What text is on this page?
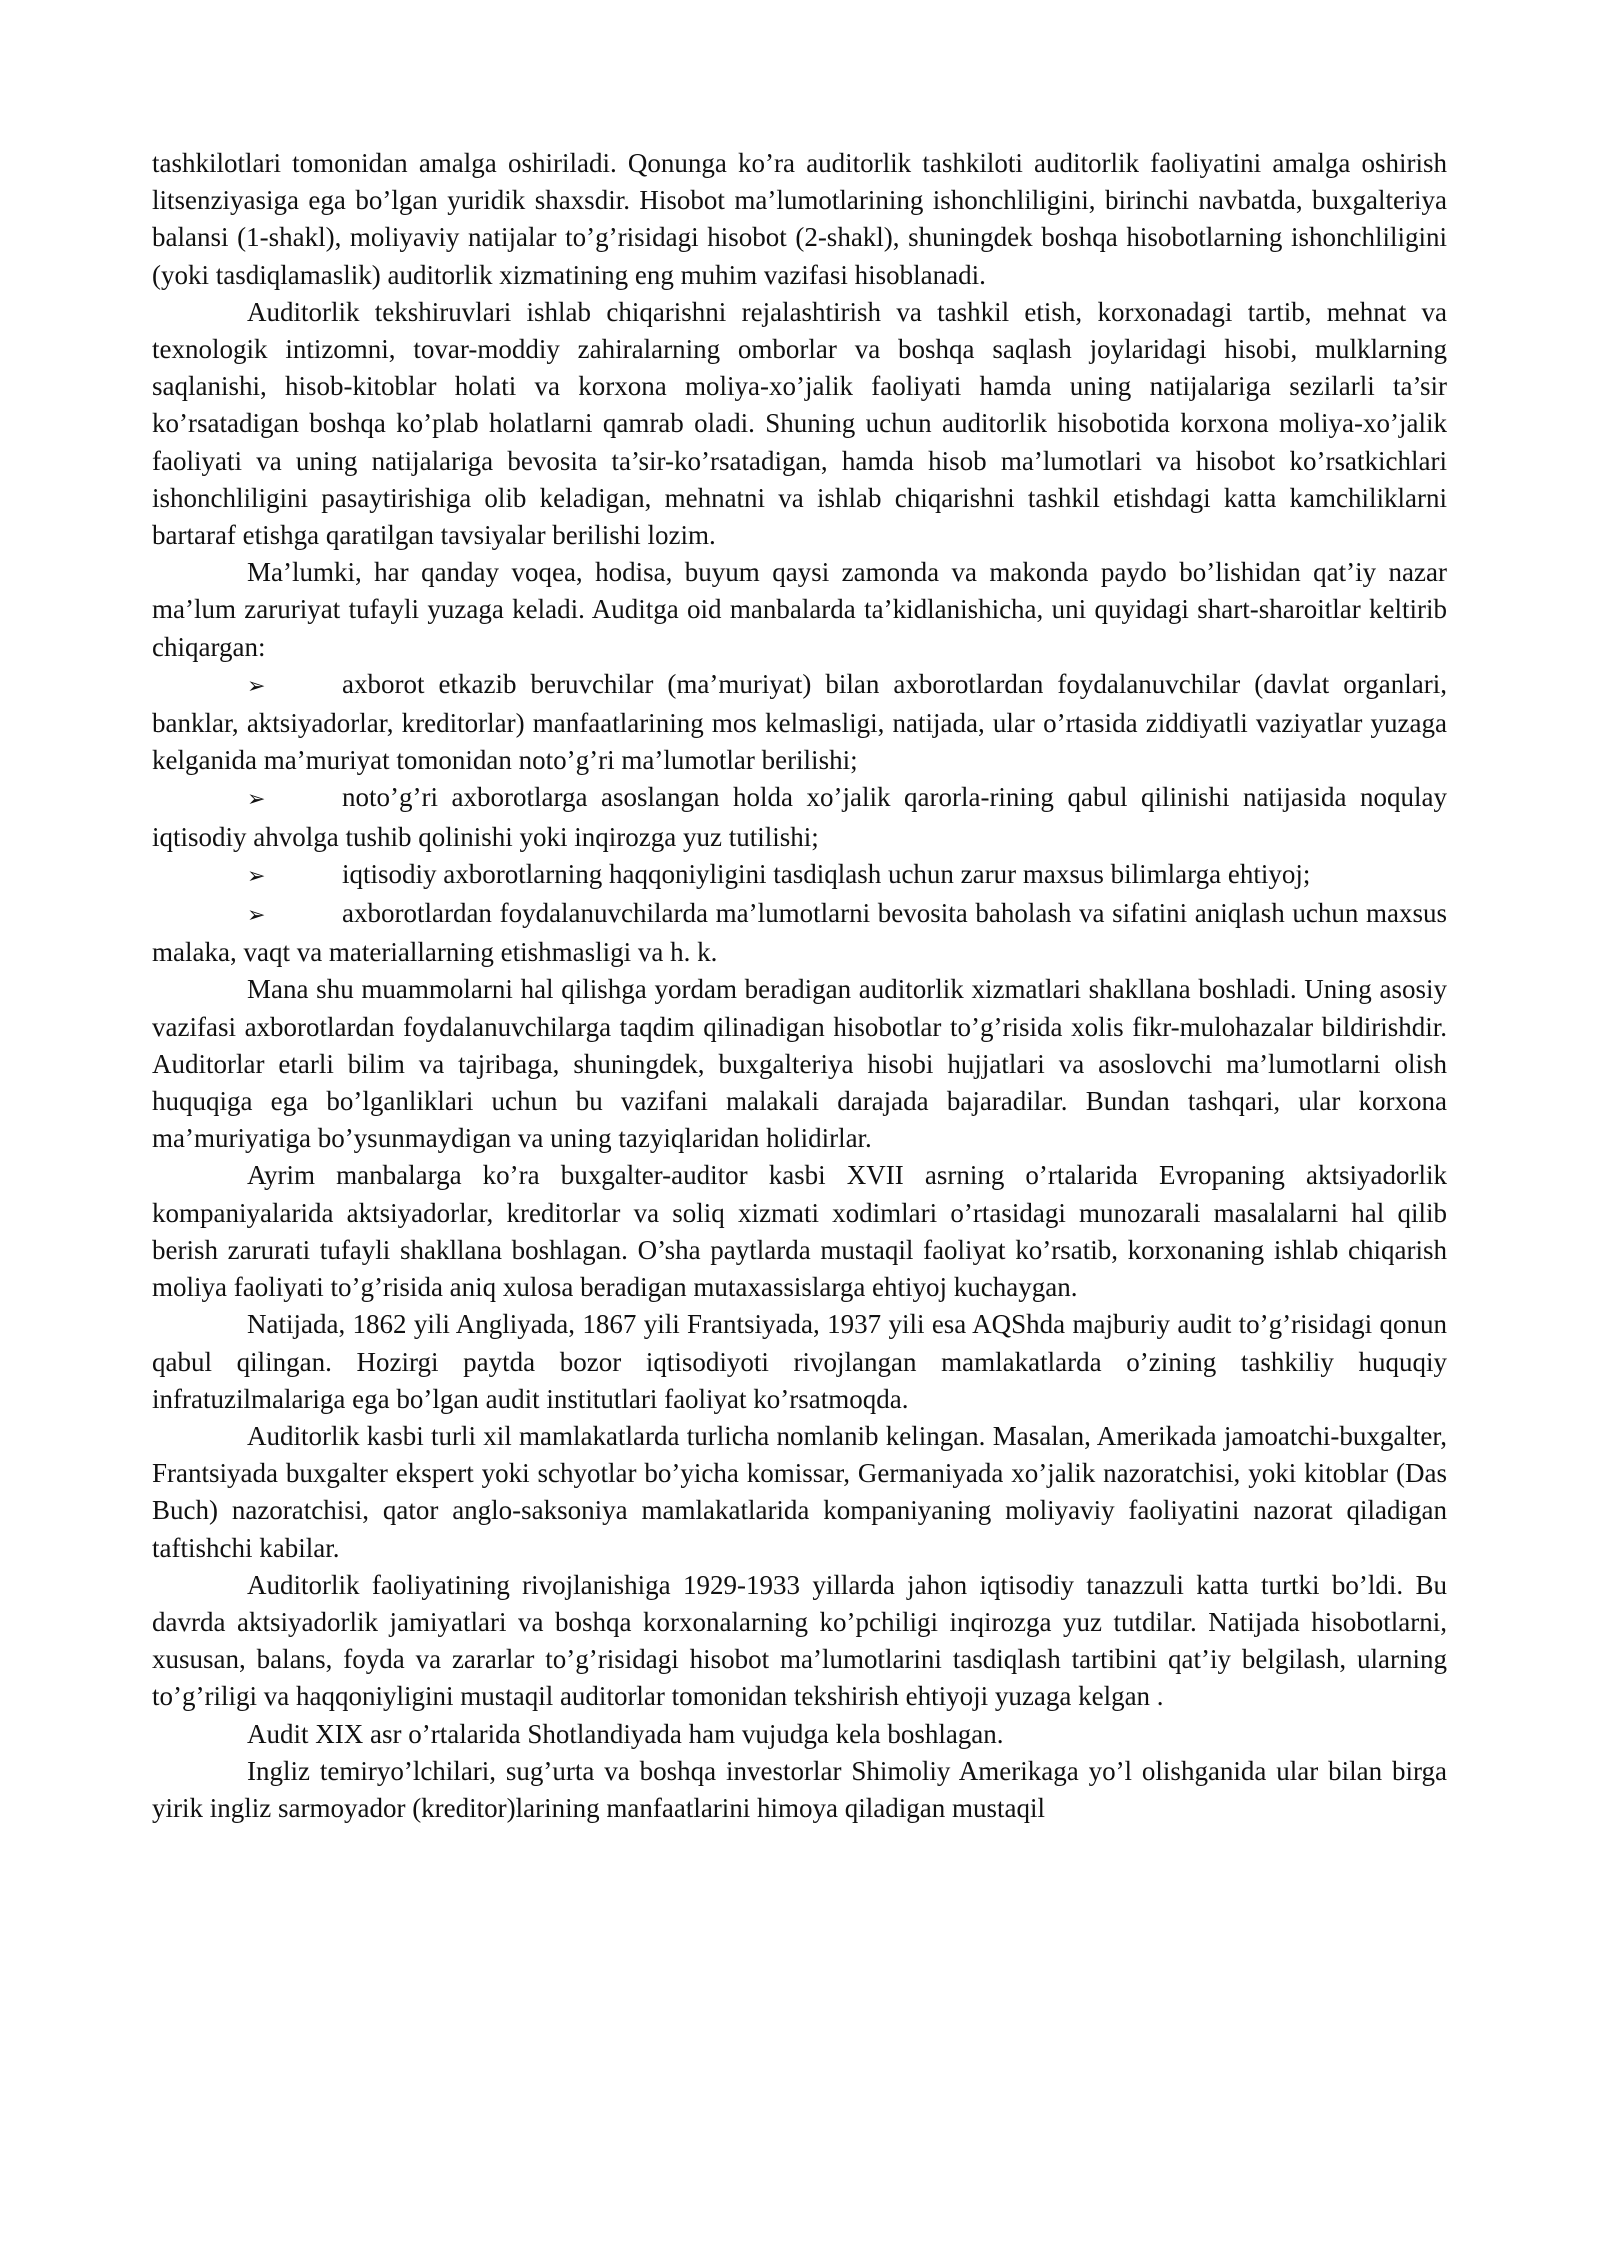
tashkilotlari tomonidan amalga oshiriladi. Qonunga ko’ra auditorlik tashkiloti auditorlik faoliyatini amalga oshirish litsenziyasiga ega bo’lgan yuridik shaxsdir. Hisobot ma’lumotlarining ishonchliligini, birinchi navbatda, buxgalteriya balansi (1-shakl), moliyaviy natijalar to’g’risidagi hisobot (2-shakl), shuningdek boshqa hisobotlarning ishonchliligini (yoki tasdiqlamaslik) auditorlik xizmatining eng muhim vazifasi hisoblanadi.

Auditorlik tekshiruvlari ishlab chiqarishni rejalashtirish va tashkil etish, korxonadagi tartib, mehnat va texnologik intizomni, tovar-moddiy zahiralarning omborlar va boshqa saqlash joylaridagi hisobi, mulklarning saqlanishi, hisob-kitoblar holati va korxona moliya-xo’jalik faoliyati hamda uning natijalariga sezilarli ta’sir ko’rsatadigan boshqa ko’plab holatlarni qamrab oladi. Shuning uchun auditorlik hisobotida korxona moliya-xo’jalik faoliyati va uning natijalariga bevosita ta’sir-ko’rsatadigan, hamda hisob ma’lumotlari va hisobot ko’rsatkichlari ishonchliligini pasaytirishiga olib keladigan, mehnatni va ishlab chiqarishni tashkil etishdagi katta kamchiliklarni bartaraf etishga qaratilgan tavsiyalar berilishi lozim.

Ma’lumki, har qanday voqea, hodisa, buyum qaysi zamonda va makonda paydo bo’lishidan qat’iy nazar ma’lum zaruriyat tufayli yuzaga keladi. Auditga oid manbalarda ta’kidlanishicha, uni quyidagi shart-sharoitlar keltirib chiqargan:

➢	axborot etkazib beruvchilar (ma’muriyat) bilan axborotlardan foydalanuvchilar (davlat organlari, banklar, aktsiyadorlar, kreditorlar) manfaatlarining mos kelmasligi, natijada, ular o’rtasida ziddiyatli vaziyatlar yuzaga kelganida ma’muriyat tomonidan noto’g’ri ma’lumotlar berilishi;

➢	noto’g’ri axborotlarga asoslangan holda xo’jalik qarorla-rining qabul qilinishi natijasida noqulay iqtisodiy ahvolga tushib qolinishi yoki inqirozga yuz tutilishi;

➢	iqtisodiy axborotlarning haqqoniyligini tasdiqlash uchun zarur maxsus bilimlarga ehtiyoj;

➢	axborotlardan foydalanuvchilarda ma’lumotlarni bevosita baholash va sifatini aniqlash uchun maxsus malaka, vaqt va materiallarning etishmasligi va h. k.

Mana shu muammolarni hal qilishga yordam beradigan auditorlik xizmatlari shakllana boshladi. Uning asosiy vazifasi axborotlardan foydalanuvchilarga taqdim qilinadigan hisobotlar to’g’risida xolis fikr-mulohazalar bildirishdir. Auditorlar etarli bilim va tajribaga, shuningdek, buxgalteriya hisobi hujjatlari va asoslovchi ma’lumotlarni olish huquqiga ega bo’lganliklari uchun bu vazifani malakali darajada bajaradilar. Bundan tashqari, ular korxona ma’muriyatiga bo’ysunmaydigan va uning tazyiqlaridan holidirlar.

Ayrim manbalarga ko’ra buxgalter-auditor kasbi XVII asrning o’rtalarida Evropaning aktsiyadorlik kompaniyalarida aktsiyadorlar, kreditorlar va soliq xizmati xodimlari o’rtasidagi munozarali masalalarni hal qilib berish zarurati tufayli shakllana boshlagan. O’sha paytlarda mustaqil faoliyat ko’rsatib, korxonaning ishlab chiqarish moliya faoliyati to’g’risida aniq xulosa beradigan mutaxassislarga ehtiyoj kuchaygan.

Natijada, 1862 yili Angliyada, 1867 yili Frantsiyada, 1937 yili esa AQShda majburiy audit to’g’risidagi qonun qabul qilingan. Hozirgi paytda bozor iqtisodiyoti rivojlangan mamlakatlarda o’zining tashkiliy huquqiy infratuzilmalariga ega bo’lgan audit institutlari faoliyat ko’rsatmoqda.

Auditorlik kasbi turli xil mamlakatlarda turlicha nomlanib kelingan. Masalan, Amerikada jamoatchi-buxgalter, Frantsiyada buxgalter ekspert yoki schyotlar bo’yicha komissar, Germaniyada xo’jalik nazoratchisi, yoki kitoblar (Das Buch) nazoratchisi, qator anglo-saksoniya mamlakatlarida kompaniyaning moliyaviy faoliyatini nazorat qiladigan taftishchi kabilar.

Auditorlik faoliyatining rivojlanishiga 1929-1933 yillarda jahon iqtisodiy tanazzuli katta turtki bo’ldi. Bu davrda aktsiyadorlik jamiyatlari va boshqa korxonalarning ko’pchiligi inqirozga yuz tutdilar. Natijada hisobotlarni, xususan, balans, foyda va zararlar to’g’risidagi hisobot ma’lumotlarini tasdiqlash tartibini qat’iy belgilash, ularning to’g’riligi va haqqoniyligini mustaqil auditorlar tomonidan tekshirish ehtiyoji yuzaga kelgan .

Audit XIX asr o’rtalarida Shotlandiyada ham vujudga kela boshlagan.

Ingliz temiryo’lchilari, sug’urta va boshqa investorlar Shimoliy Amerikaga yo’l olishganida ular bilan birga yirik ingliz sarmoyador (kreditor)larining manfaatlarini himoya qiladigan mustaqil
